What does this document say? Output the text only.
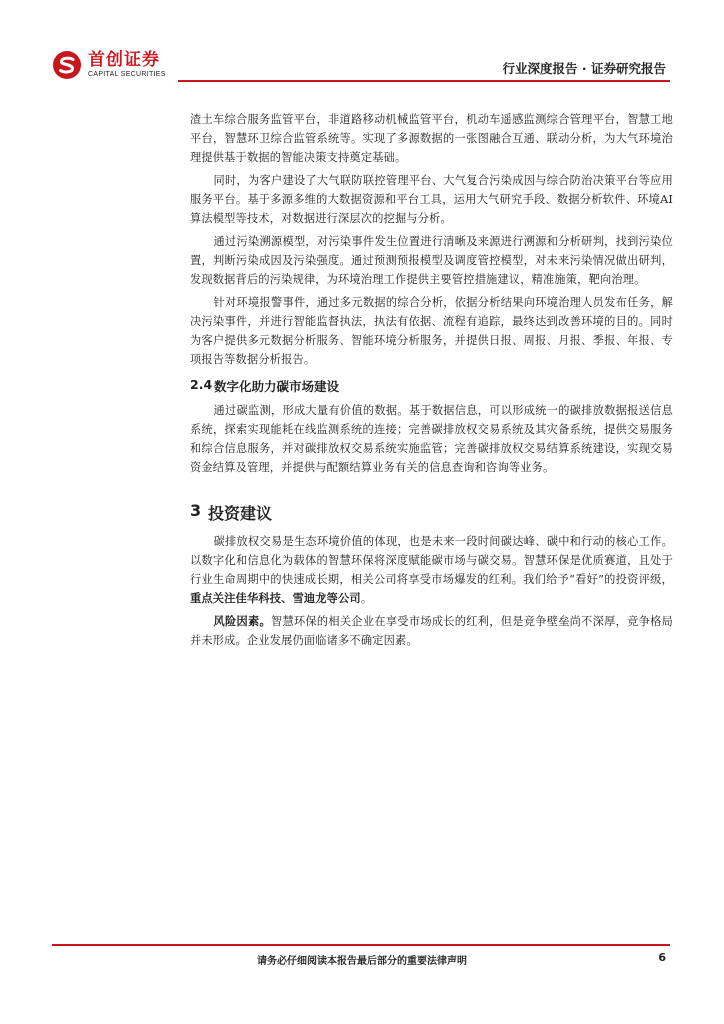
首创证券
CAPITAL SECURITIES	行业深度报告 · 证券研究报告

渣土车综合服务监管平台，非道路移动机械监管平台，机动车遥感监测综合管理平台，智慧工地平台，智慧环卫综合监管系统等。实现了多源数据的一张图融合互通、联动分析，为大气环境治理提供基于数据的智能决策支持奠定基础。

同时，为客户建设了大气联防联控管理平台、大气复合污染成因与综合防治决策平台等应用服务平台。基于多源多维的大数据资源和平台工具，运用大气研究手段、数据分析软件、环境AI算法模型等技术，对数据进行深层次的挖掘与分析。

通过污染溯源模型，对污染事件发生位置进行清晰及来源进行溯源和分析研判，找到污染位置，判断污染成因及污染强度。通过预测预报模型及调度管控模型，对未来污染情况做出研判，发现数据背后的污染规律，为环境治理工作提供主要管控措施建议，精准施策，靶向治理。

针对环境报警事件，通过多元数据的综合分析，依据分析结果向环境治理人员发布任务，解决污染事件，并进行智能监督执法，执法有依据、流程有追踪，最终达到改善环境的目的。同时为客户提供多元数据分析服务、智能环境分析服务，并提供日报、周报、月报、季报、年报、专项报告等数据分析报告。

2.4 数字化助力碳市场建设

通过碳监测，形成大量有价值的数据。基于数据信息，可以形成统一的碳排放数据报送信息系统，探索实现能耗在线监测系统的连接；完善碳排放权交易系统及其灾备系统，提供交易服务和综合信息服务，并对碳排放权交易系统实施监管；完善碳排放权交易结算系统建设，实现交易资金结算及管理，并提供与配额结算业务有关的信息查询和咨询等业务。

3 投资建议

碳排放权交易是生态环境价值的体现，也是未来一段时间碳达峰、碳中和行动的核心工作。以数字化和信息化为载体的智慧环保将深度赋能碳市场与碳交易。智慧环保是优质赛道，且处于行业生命周期中的快速成长期，相关公司将享受市场爆发的红利。我们给予“看好”的投资评级，重点关注佳华科技、雪迪龙等公司。

风险因素。智慧环保的相关企业在享受市场成长的红利，但是竞争壁垒尚不深厚，竞争格局并未形成。企业发展仍面临诸多不确定因素。

请务必仔细阅读本报告最后部分的重要法律声明	6
